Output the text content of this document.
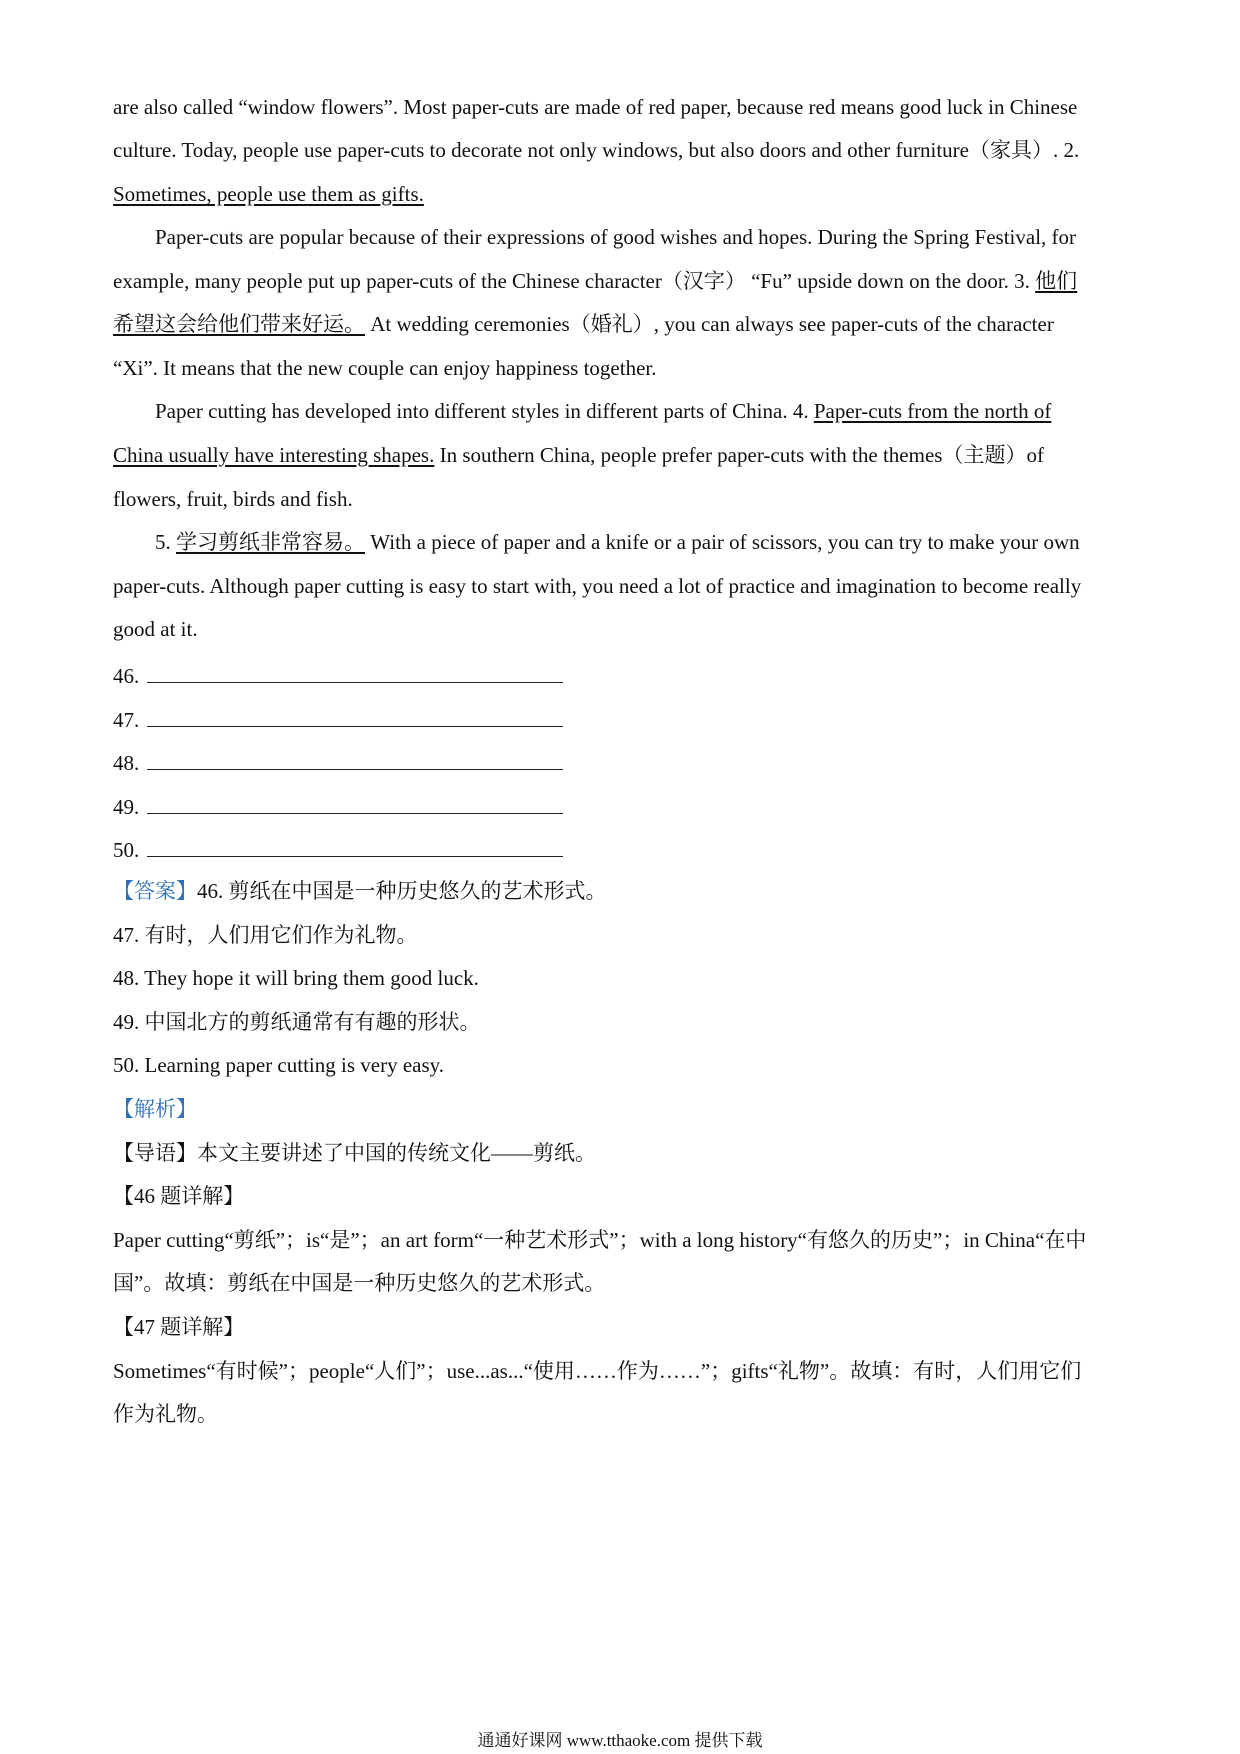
are also called “window flowers”. Most paper-cuts are made of red paper, because red means good luck in Chinese
culture. Today, people use paper-cuts to decorate not only windows, but also doors and other furniture（家具）. 2.
Sometimes, people use them as gifts.
Paper-cuts are popular because of their expressions of good wishes and hopes. During the Spring Festival, for
example, many people put up paper-cuts of the Chinese character（汉字） “Fu” upside down on the door. 3. 他们
希望这会给他们带来好运。 At wedding ceremonies（婚礼）, you can always see paper-cuts of the character
“Xi”. It means that the new couple can enjoy happiness together.
Paper cutting has developed into different styles in different parts of China. 4. Paper-cuts from the north of
China usually have interesting shapes. In southern China, people prefer paper-cuts with the themes（主题）of
flowers, fruit, birds and fish.
5. 学习剪纸非常容易。 With a piece of paper and a knife or a pair of scissors, you can try to make your own
paper-cuts. Although paper cutting is easy to start with, you need a lot of practice and imagination to become really
good at it.
46.
47.
48.
49.
50.
【答案】46. 剪纸在中国是一种历史悠久的艺术形式。
47. 有时，人们用它们作为礼物。
48. They hope it will bring them good luck.
49. 中国北方的剪纸通常有有趣的形状。
50. Learning paper cutting is very easy.
【解析】
【导语】本文主要讲述了中国的传统文化——剪纸。
【46 题详解】
Paper cutting“剪纸”；is“是”；an art form“一种艺术形式”；with a long history“有悠久的历史”；in China“在中
国”。故填：剪纸在中国是一种历史悠久的艺术形式。
【47 题详解】
Sometimes“有时候”；people“人们”；use...as...“使用……作为……”；gifts“礼物”。故填：有时，人们用它们
作为礼物。
通通好课网 www.tthaoke.com 提供下载
